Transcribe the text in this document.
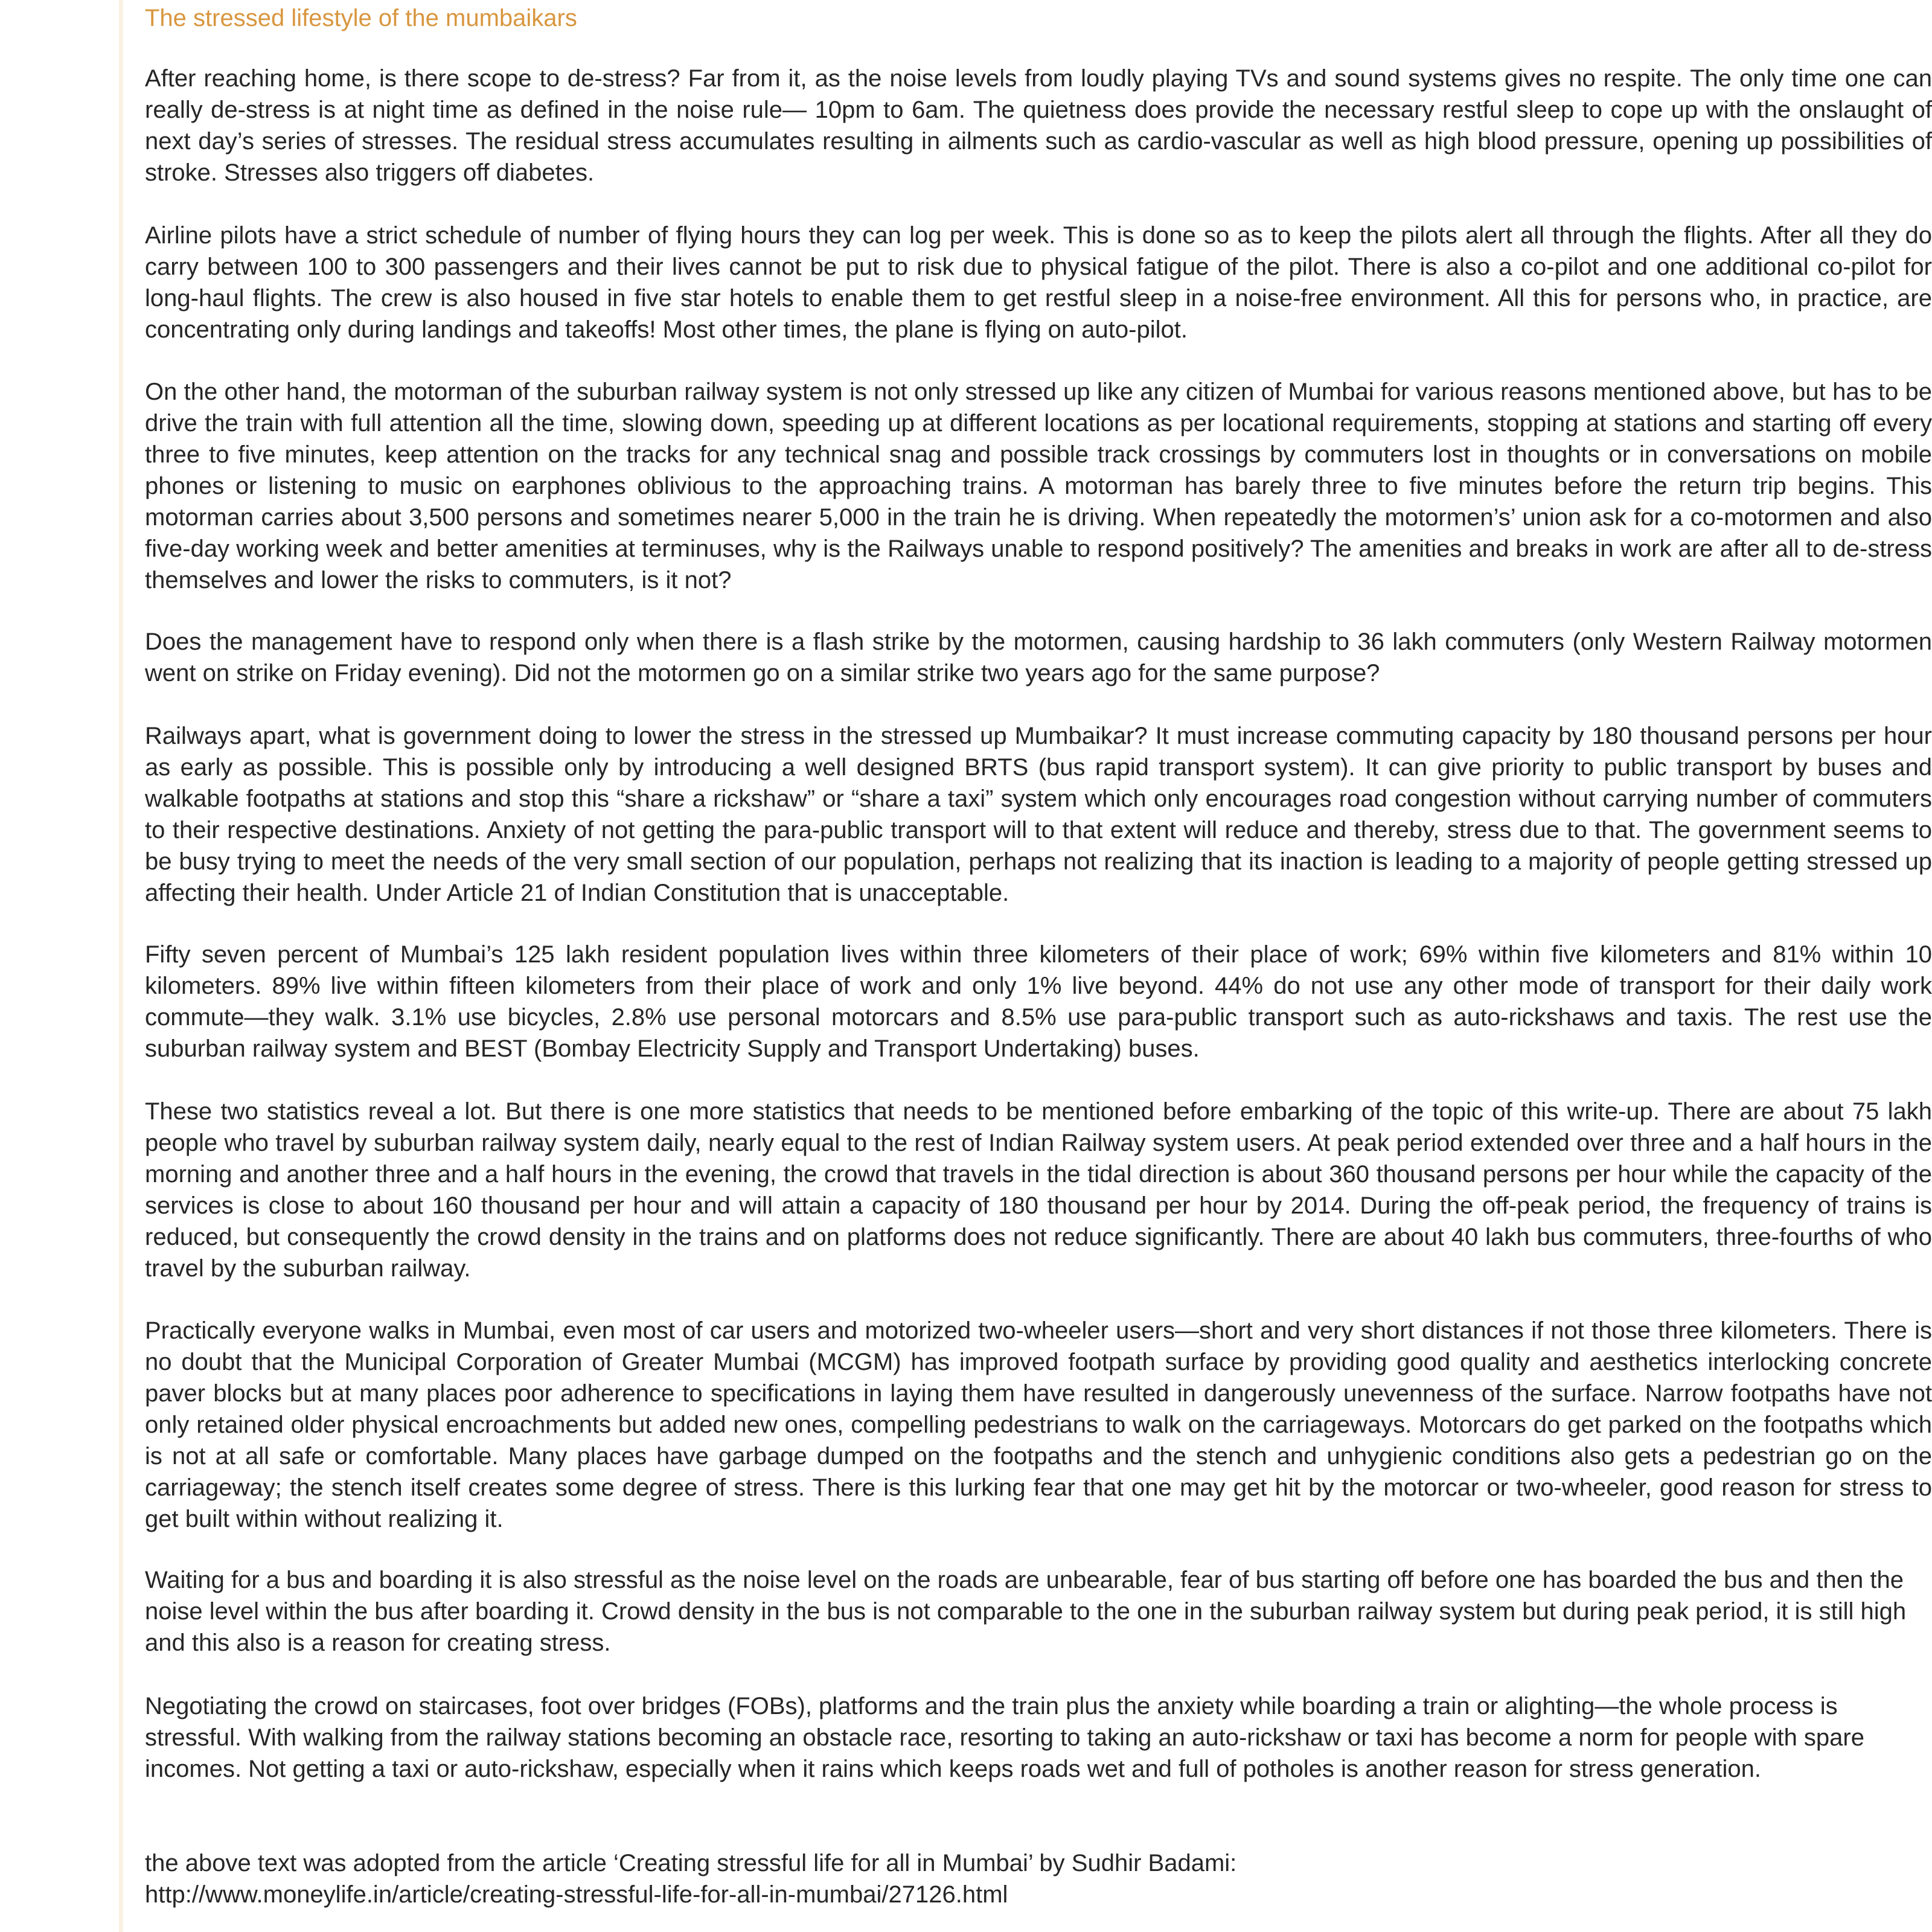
The stressed lifestyle of the mumbaikars

After reaching home, is there scope to de-stress? Far from it, as the noise levels from loudly playing TVs and sound systems gives no respite. The only time one can really de-stress is at night time as defined in the noise rule— 10pm to 6am. The quietness does provide the necessary restful sleep to cope up with the onslaught of next day’s series of stresses. The residual stress accumulates resulting in ailments such as cardio-vascular as well as high blood pressure, opening up possibilities of stroke. Stresses also triggers off diabetes.

Airline pilots have a strict schedule of number of flying hours they can log per week. This is done so as to keep the pilots alert all through the flights. After all they do carry between 100 to 300 passengers and their lives cannot be put to risk due to physical fatigue of the pilot. There is also a co-pilot and one additional co-pilot for long-haul flights. The crew is also housed in five star hotels to enable them to get restful sleep in a noise-free environment. All this for persons who, in practice, are concentrating only during landings and takeoffs! Most other times, the plane is flying on auto-pilot.

On the other hand, the motorman of the suburban railway system is not only stressed up like any citizen of Mumbai for various reasons mentioned above, but has to be drive the train with full attention all the time, slowing down, speeding up at different locations as per locational requirements, stopping at stations and starting off every three to five minutes, keep attention on the tracks for any technical snag and possible track crossings by commuters lost in thoughts or in conversations on mobile phones or listening to music on earphones oblivious to the approaching trains. A motorman has barely three to five minutes before the return trip begins. This motorman carries about 3,500 persons and sometimes nearer 5,000 in the train he is driving. When repeatedly the motormen’s’ union ask for a co-motormen and also five-day working week and better amenities at terminuses, why is the Railways unable to respond positively? The amenities and breaks in work are after all to de-stress themselves and lower the risks to commuters, is it not?

Does the management have to respond only when there is a flash strike by the motormen, causing hardship to 36 lakh commuters (only Western Railway motormen went on strike on Friday evening). Did not the motormen go on a similar strike two years ago for the same purpose?

Railways apart, what is government doing to lower the stress in the stressed up Mumbaikar? It must increase commuting capacity by 180 thousand persons per hour as early as possible. This is possible only by introducing a well designed BRTS (bus rapid transport system). It can give priority to public transport by buses and walkable footpaths at stations and stop this “share a rickshaw” or “share a taxi” system which only encourages road congestion without carrying number of commuters to their respective destinations. Anxiety of not getting the para-public transport will to that extent will reduce and thereby, stress due to that. The government seems to be busy trying to meet the needs of the very small section of our population, perhaps not realizing that its inaction is leading to a majority of people getting stressed up affecting their health. Under Article 21 of Indian Constitution that is unacceptable.

Fifty seven percent of Mumbai’s 125 lakh resident population lives within three kilometers of their place of work; 69% within five kilometers and 81% within 10 kilometers. 89% live within fifteen kilometers from their place of work and only 1% live beyond. 44% do not use any other mode of transport for their daily work commute—they walk. 3.1% use bicycles, 2.8% use personal motorcars and 8.5% use para-public transport such as auto-rickshaws and taxis. The rest use the suburban railway system and BEST (Bombay Electricity Supply and Transport Undertaking) buses.

These two statistics reveal a lot. But there is one more statistics that needs to be mentioned before embarking of the topic of this write-up. There are about 75 lakh people who travel by suburban railway system daily, nearly equal to the rest of Indian Railway system users. At peak period extended over three and a half hours in the morning and another three and a half hours in the evening, the crowd that travels in the tidal direction is about 360 thousand persons per hour while the capacity of the services is close to about 160 thousand per hour and will attain a capacity of 180 thousand per hour by 2014. During the off-peak period, the frequency of trains is reduced, but consequently the crowd density in the trains and on platforms does not reduce significantly. There are about 40 lakh bus commuters, three-fourths of who travel by the suburban railway.

Practically everyone walks in Mumbai, even most of car users and motorized two-wheeler users—short and very short distances if not those three kilometers. There is no doubt that the Municipal Corporation of Greater Mumbai (MCGM) has improved footpath surface by providing good quality and aesthetics interlocking concrete paver blocks but at many places poor adherence to specifications in laying them have resulted in dangerously unevenness of the surface. Narrow footpaths have not only retained older physical encroachments but added new ones, compelling pedestrians to walk on the carriageways. Motorcars do get parked on the footpaths which is not at all safe or comfortable. Many places have garbage dumped on the footpaths and the stench and unhygienic conditions also gets a pedestrian go on the carriageway; the stench itself creates some degree of stress. There is this lurking fear that one may get hit by the motorcar or two-wheeler, good reason for stress to get built within without realizing it.

Waiting for a bus and boarding it is also stressful as the noise level on the roads are unbearable, fear of bus starting off before one has boarded the bus and then the noise level within the bus after boarding it. Crowd density in the bus is not comparable to the one in the suburban railway system but during peak period, it is still high and this also is a reason for creating stress.

Negotiating the crowd on staircases, foot over bridges (FOBs), platforms and the train plus the anxiety while boarding a train or alighting—the whole process is stressful. With walking from the railway stations becoming an obstacle race, resorting to taking an auto-rickshaw or taxi has become a norm for people with spare incomes. Not getting a taxi or auto-rickshaw, especially when it rains which keeps roads wet and full of potholes is another reason for stress generation.

the above text was adopted from the article ‘Creating stressful life for all in Mumbai’ by Sudhir Badami:
http://www.moneylife.in/article/creating-stressful-life-for-all-in-mumbai/27126.html
